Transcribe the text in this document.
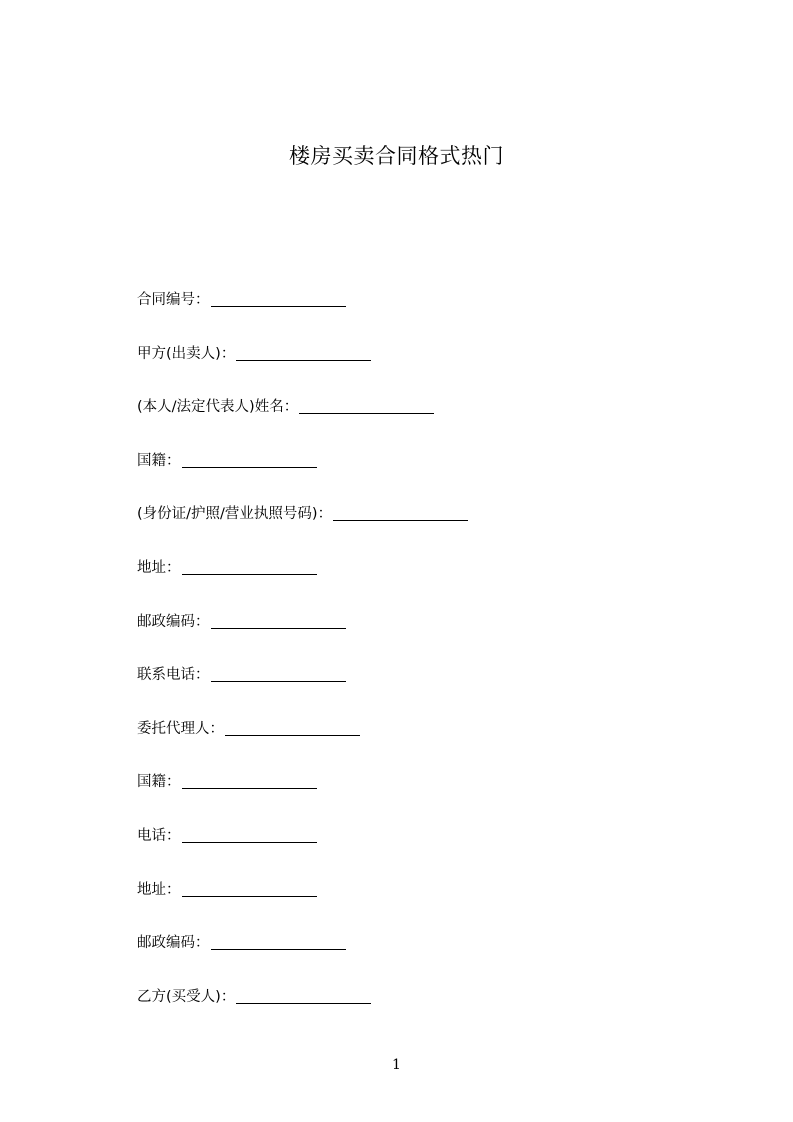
楼房买卖合同格式热门
合同编号：
甲方(出卖人)：
(本人/法定代表人)姓名：
国籍：
(身份证/护照/营业执照号码)：
地址：
邮政编码：
联系电话：
委托代理人：
国籍：
电话：
地址：
邮政编码：
乙方(买受人)：
1
